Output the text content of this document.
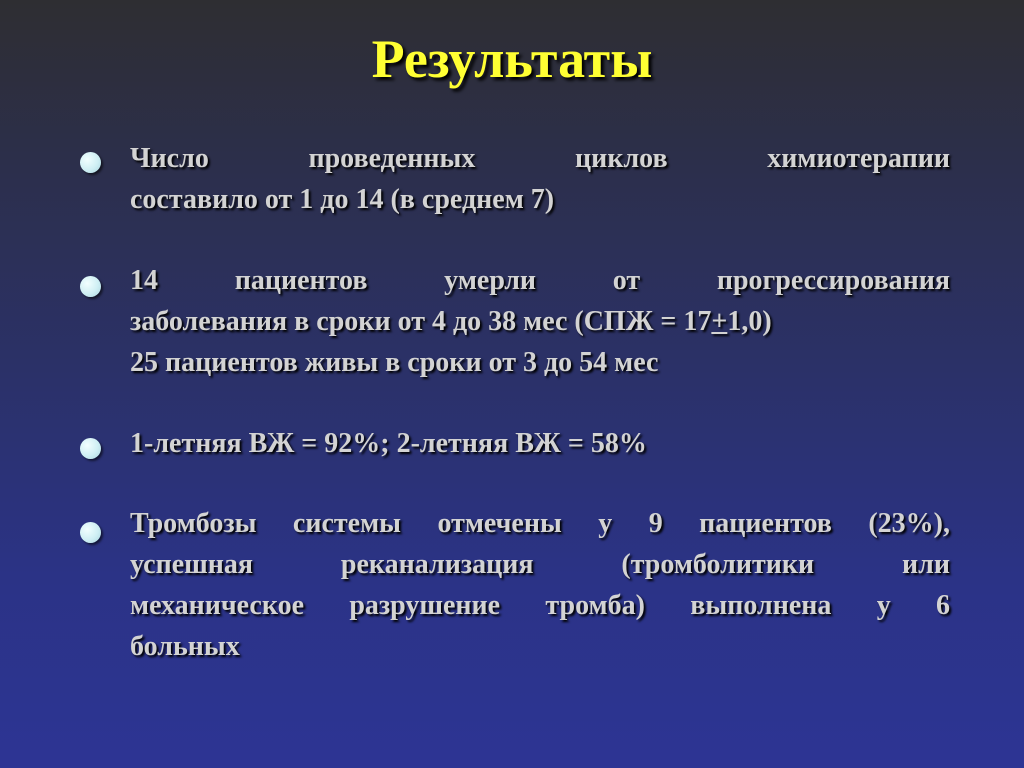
Результаты

Число проведенных циклов химиотерапии
составило от 1 до 14 (в среднем 7)

14 пациентов умерли от прогрессирования
заболевания в сроки от 4 до 38 мес (СПЖ = 17+1,0)
25 пациентов живы в сроки от 3 до 54 мес

1-летняя ВЖ = 92%; 2-летняя ВЖ = 58%

Тромбозы системы отмечены у 9 пациентов (23%),
успешная реканализация (тромболитики или
механическое разрушение тромба) выполнена у 6
больных
